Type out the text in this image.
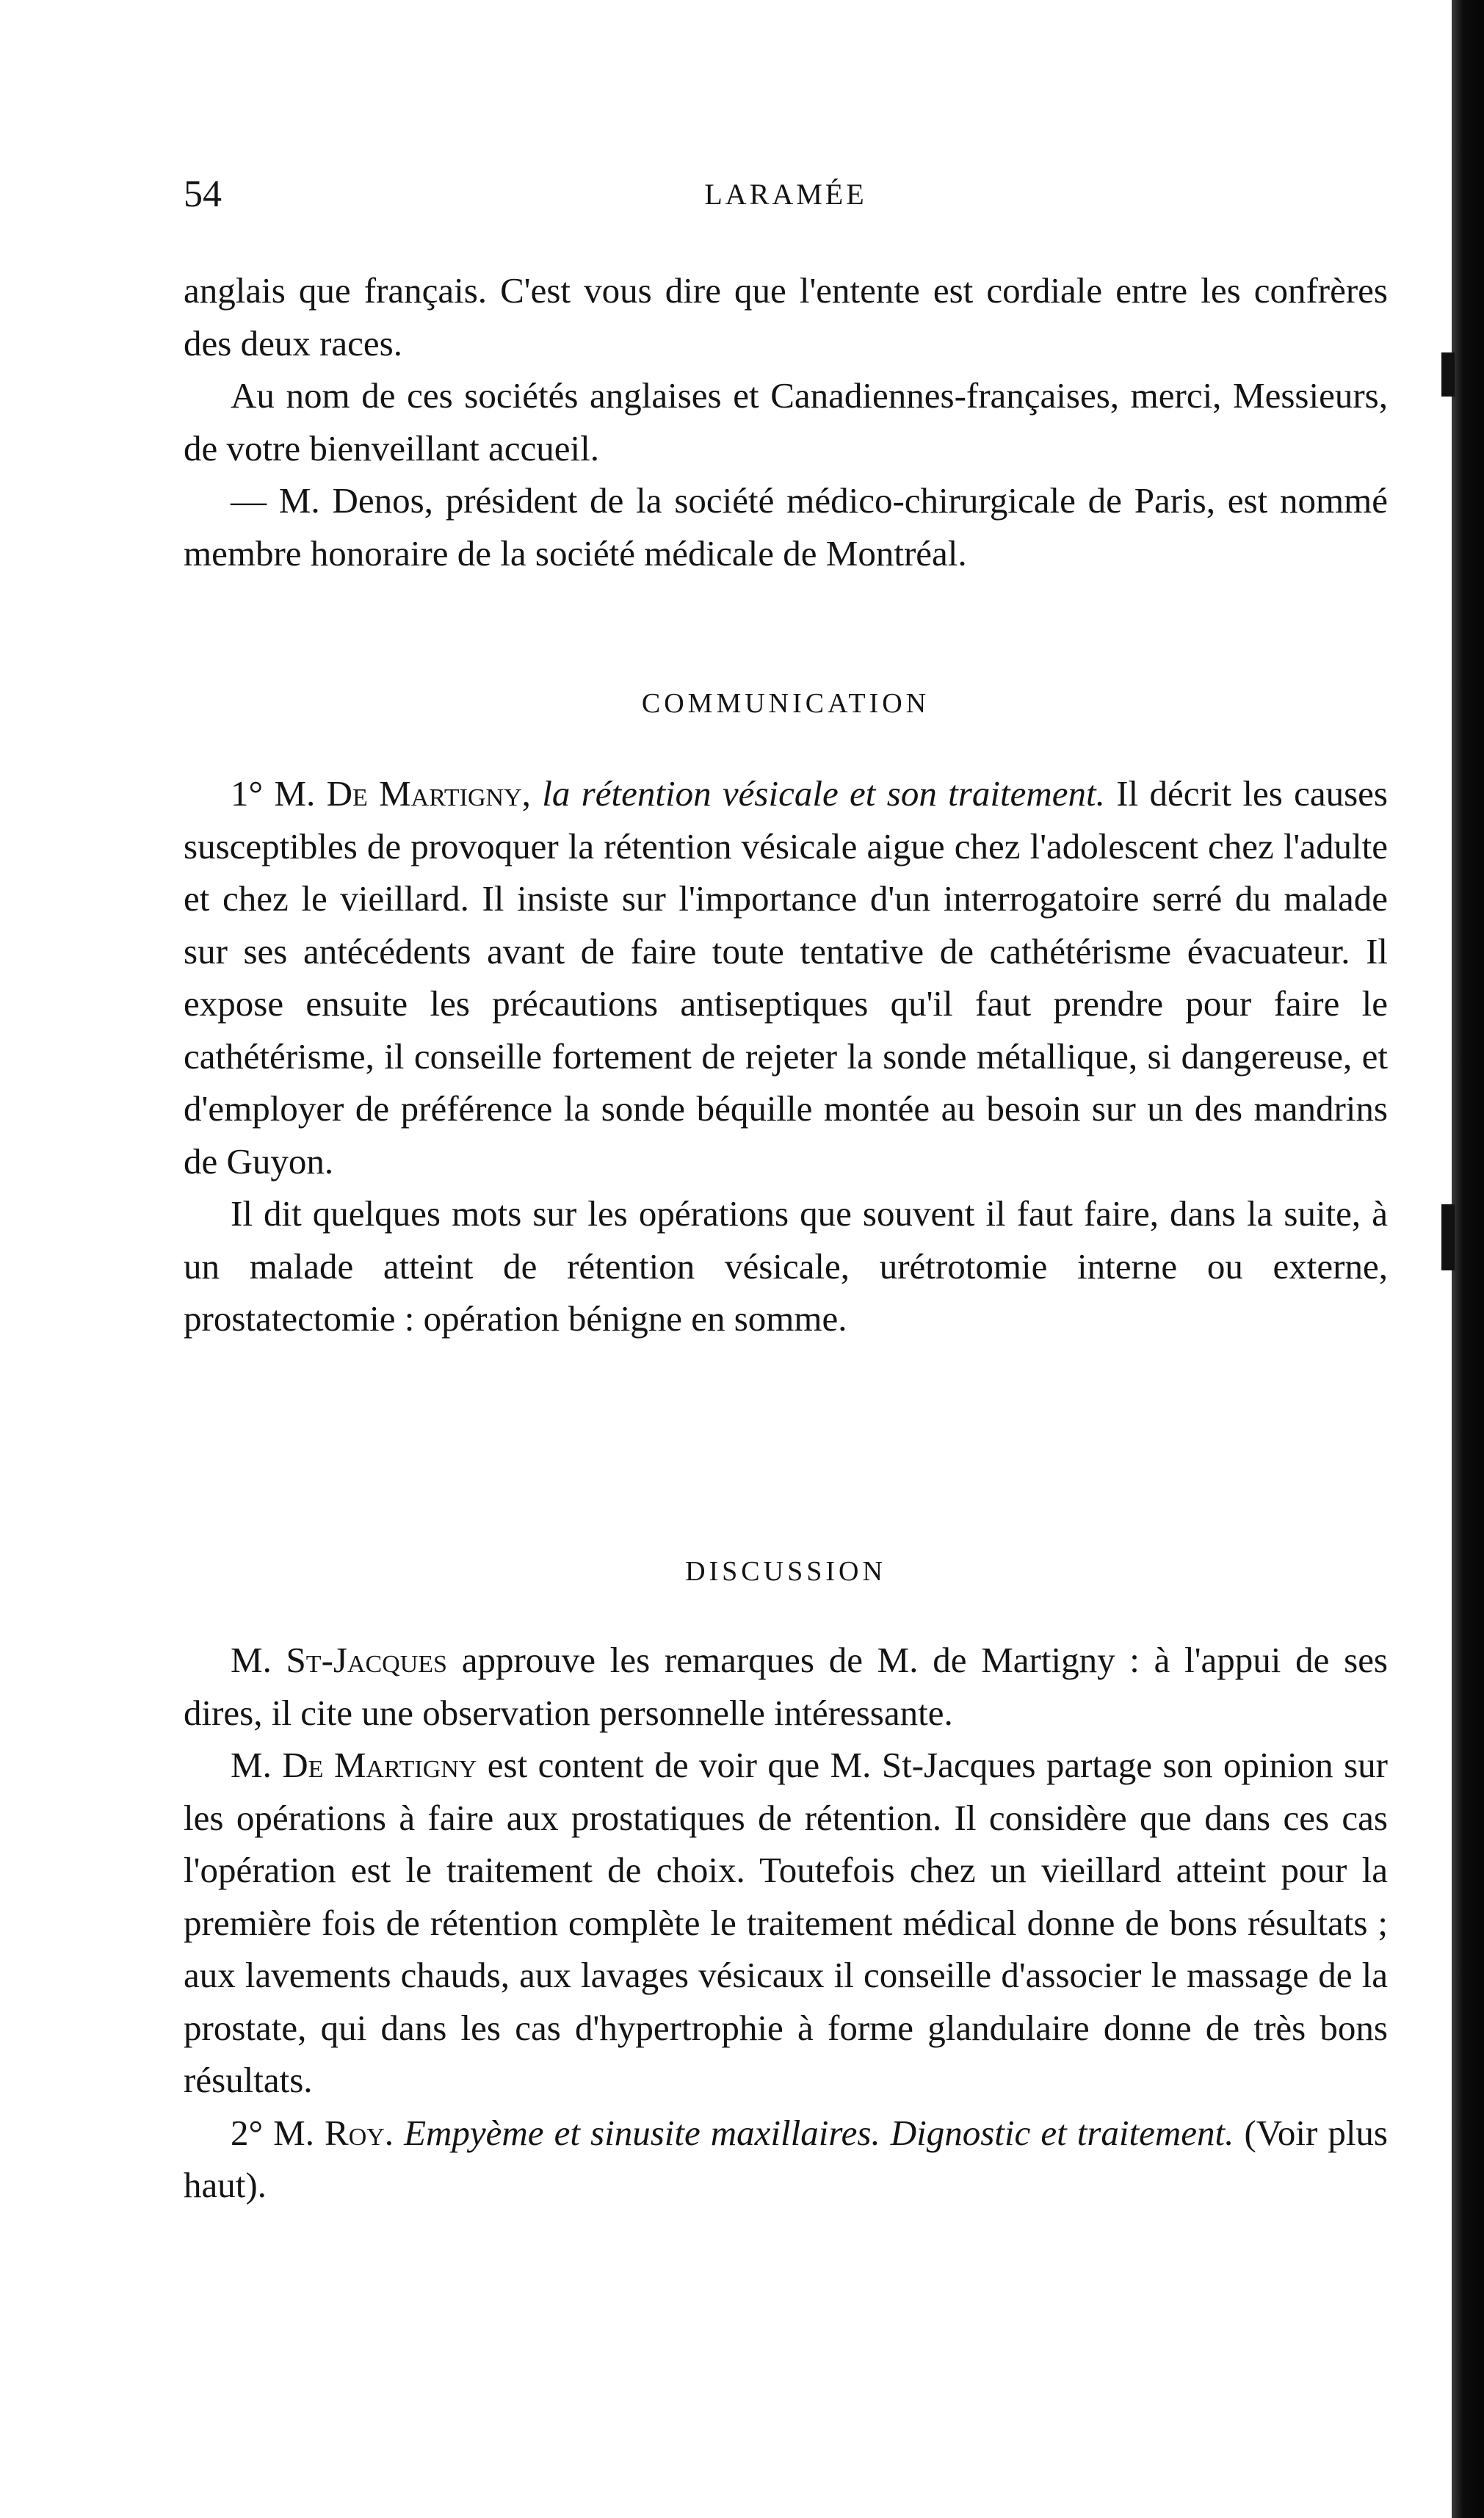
54	LARAMÉE

anglais que français. C'est vous dire que l'entente est cordiale entre les confrères des deux races.

Au nom de ces sociétés anglaises et Canadiennes-françaises, merci, Messieurs, de votre bienveillant accueil.

— M. Denos, président de la société médico-chirurgicale de Paris, est nommé membre honoraire de la société médicale de Montréal.

COMMUNICATION

1° M. De Martigny, la rétention vésicale et son traitement. Il décrit les causes susceptibles de provoquer la rétention vésicale aigue chez l'adolescent chez l'adulte et chez le vieillard. Il insiste sur l'importance d'un interrogatoire serré du malade sur ses antécédents avant de faire toute tentative de cathétérisme évacuateur. Il expose ensuite les précautions antiseptiques qu'il faut prendre pour faire le cathétérisme, il conseille fortement de rejeter la sonde métallique, si dangereuse, et d'employer de préférence la sonde béquille montée au besoin sur un des mandrins de Guyon.

Il dit quelques mots sur les opérations que souvent il faut faire, dans la suite, à un malade atteint de rétention vésicale, urétrotomie interne ou externe, prostatectomie : opération bénigne en somme.

DISCUSSION

M. St-Jacques approuve les remarques de M. de Martigny : à l'appui de ses dires, il cite une observation personnelle intéressante.

M. De Martigny est content de voir que M. St-Jacques partage son opinion sur les opérations à faire aux prostatiques de rétention. Il considère que dans ces cas l'opération est le traitement de choix. Toutefois chez un vieillard atteint pour la première fois de rétention complète le traitement médical donne de bons résultats ; aux lavements chauds, aux lavages vésicaux il conseille d'associer le massage de la prostate, qui dans les cas d'hypertrophie à forme glandulaire donne de très bons résultats.

2° M. Roy. Empyème et sinusite maxillaires. Dignostic et traitement. (Voir plus haut).
